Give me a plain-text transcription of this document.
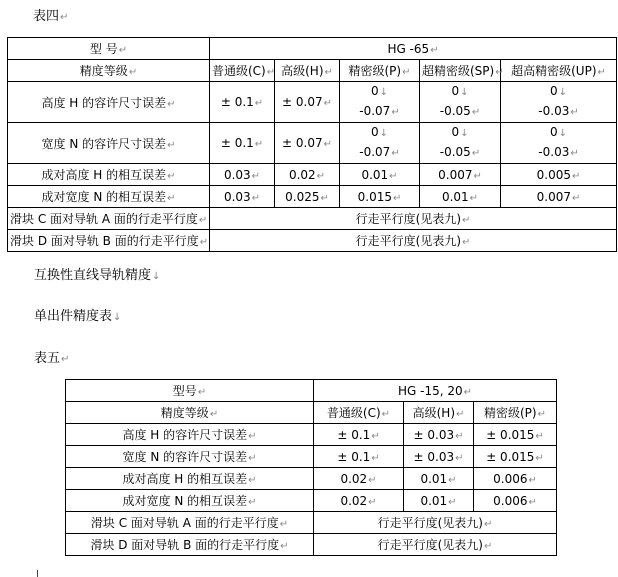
表四↵
型 号↵	HG -65↵				
精度等级↵	普通级(C)↵	高级(H)↵	精密级(P)↵	超精密级(SP)↵	超高精密级(UP)↵
高度 H 的容许尺寸误差↵	± 0.1↵	± 0.07↵	0↓
-0.07↵	0↓
-0.05↵	0↓
-0.03↵

宽度 N 的容许尺寸误差↵	± 0.1↵	± 0.07↵	0↓
-0.07↵	0↓
-0.05↵	0↓
-0.03↵

成对高度 H 的相互误差↵	0.03↵	0.02↵	0.01↵	0.007↵	0.005↵
成对宽度 N 的相互误差↵	0.03↵	0.025↵	0.015↵	0.01↵	0.007↵
滑块 C 面对导轨 A 面的行走平行度↵	行走平行度(见表九)↵				
滑块 D 面对导轨 B 面的行走平行度↵	行走平行度(见表九)↵				
互换性直线导轨精度↓
单出件精度表↓
表五↵
型号↵	HG -15, 20↵		
精度等级↵	普通级(C)↵	高级(H)↵	精密级(P)↵
高度 H 的容许尺寸误差↵	± 0.1↵	± 0.03↵	± 0.015↵
宽度 N 的容许尺寸误差↵	± 0.1↵	± 0.03↵	± 0.015↵
成对高度 H 的相互误差↵	0.02↵	0.01↵	0.006↵
成对宽度 N 的相互误差↵	0.02↵	0.01↵	0.006↵
滑块 C 面对导轨 A 面的行走平行度↵	行走平行度(见表九)↵		
滑块 D 面对导轨 B 面的行走平行度↵	行走平行度(见表九)↵		
